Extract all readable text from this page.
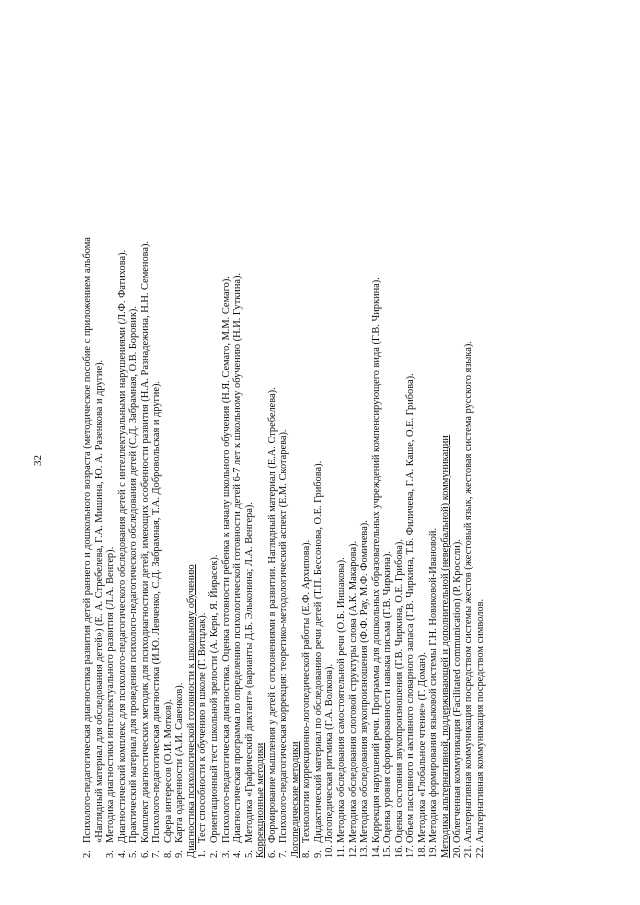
32
2.Психолого-педагогическая диагностика развития детей раннего и дошкольного возраста (методическое пособие с приложением альбома «Наглядный материал для обследования детей») (Е. А. Стребелева, Г.А. Мишина, Ю. А. Разенкова и другие).
3.Методика диагностики интеллектуального развития (Л.А. Венгер).
4.Диагностический комплекс для психолого-педагогического обследования детей с интеллектуальными нарушениями (Л.Ф. Фатихова).
5.Практический материал для проведения психолого-педагогического обследования детей (С.Д. Забрамная, О.В. Боровик).
6.Комплект диагностических методик для психодиагностики детей, имеющих особенности развития (Н.А. Разнадежина, Н.Н. Семенова).
7.Психолого-педагогическая диагностика (И.Ю. Левченко, С.Д. Забрамная, Т.А. Добровольская и другие).
8.Сфера интересов (О.И. Мотков).
9.Карта одаренности (А.И. Савенков). Диагностика психологической готовности к школьному обучению 1.Тест способности к обучению в школе (Г. Витцлак).
2.Ориентационный тест школьной зрелости (А. Керн, Я. Йирасек).
3.Психолого-педагогическая диагностика. Оценка готовности ребенка к началу школьного обучения (Н.Я. Семаго, М.М. Семаго).
4.Диагностическая программа по определению психологической готовности детей 6-7 лет к школьному обучению (Н.И. Гуткина).
5.Методика «Графический диктант» (варианты Д.Б. Эльконина; Л.А. Венгера). Коррекционные методики 6.Формирование мышления у детей с отклонениями в развитии. Наглядный материал (Е.А. Стребелева).
7.Психолого-педагогическая коррекция: теоретико-методологический аспект (Е.М. Скотарева). Логопедические методики 8.Технологии коррекционно-логопедической работы (Е.Ф. Архипова).
9.Дидактический материал по обследованию речи детей (Т.П. Бессонова, О.Е. Грибова).
10.Логопедическая ритмика (Г.А. Волкова).
11.Методика обследования самостоятельной речи (О.Б. Иншакова).
12.Методика обследования слоговой структуры слова (А.К. Макарова).
13.Методика обследования звукопроизношения (Ф.Ф. Рау, М.Ф. Фомичева).
14.Коррекция нарушений речи. Программа для дошкольных образовательных учреждений компенсирующего вида (Г.В. Чиркина).
15.Оценка уровня сформированности навыка письма (Г.В. Чиркина).
16.Оценка состояния звукопроизношения (Г.В. Чиркина, О.Е. Грибова).
17.Объем пассивного и активного словарного запаса (Г.В. Чиркина, Т.Б. Филичева, Г.А. Каше, О.Е. Грибова).
18.Методика «Глобальное чтение» (Г. Доман).
19.Методика формирования языковой системы Г.Н. Новиковой-Ивановой. Методики альтернативной, поддерживающей и дополнительной (невербальной) коммуникации 20.Облегченная коммуникация (Facilitated communication) (Р. Кроссли).
21.Альтернативная коммуникация посредством системы жестов (жестовый язык, жестовая система русского языка).
22.Альтернативная коммуникация посредством символов.
